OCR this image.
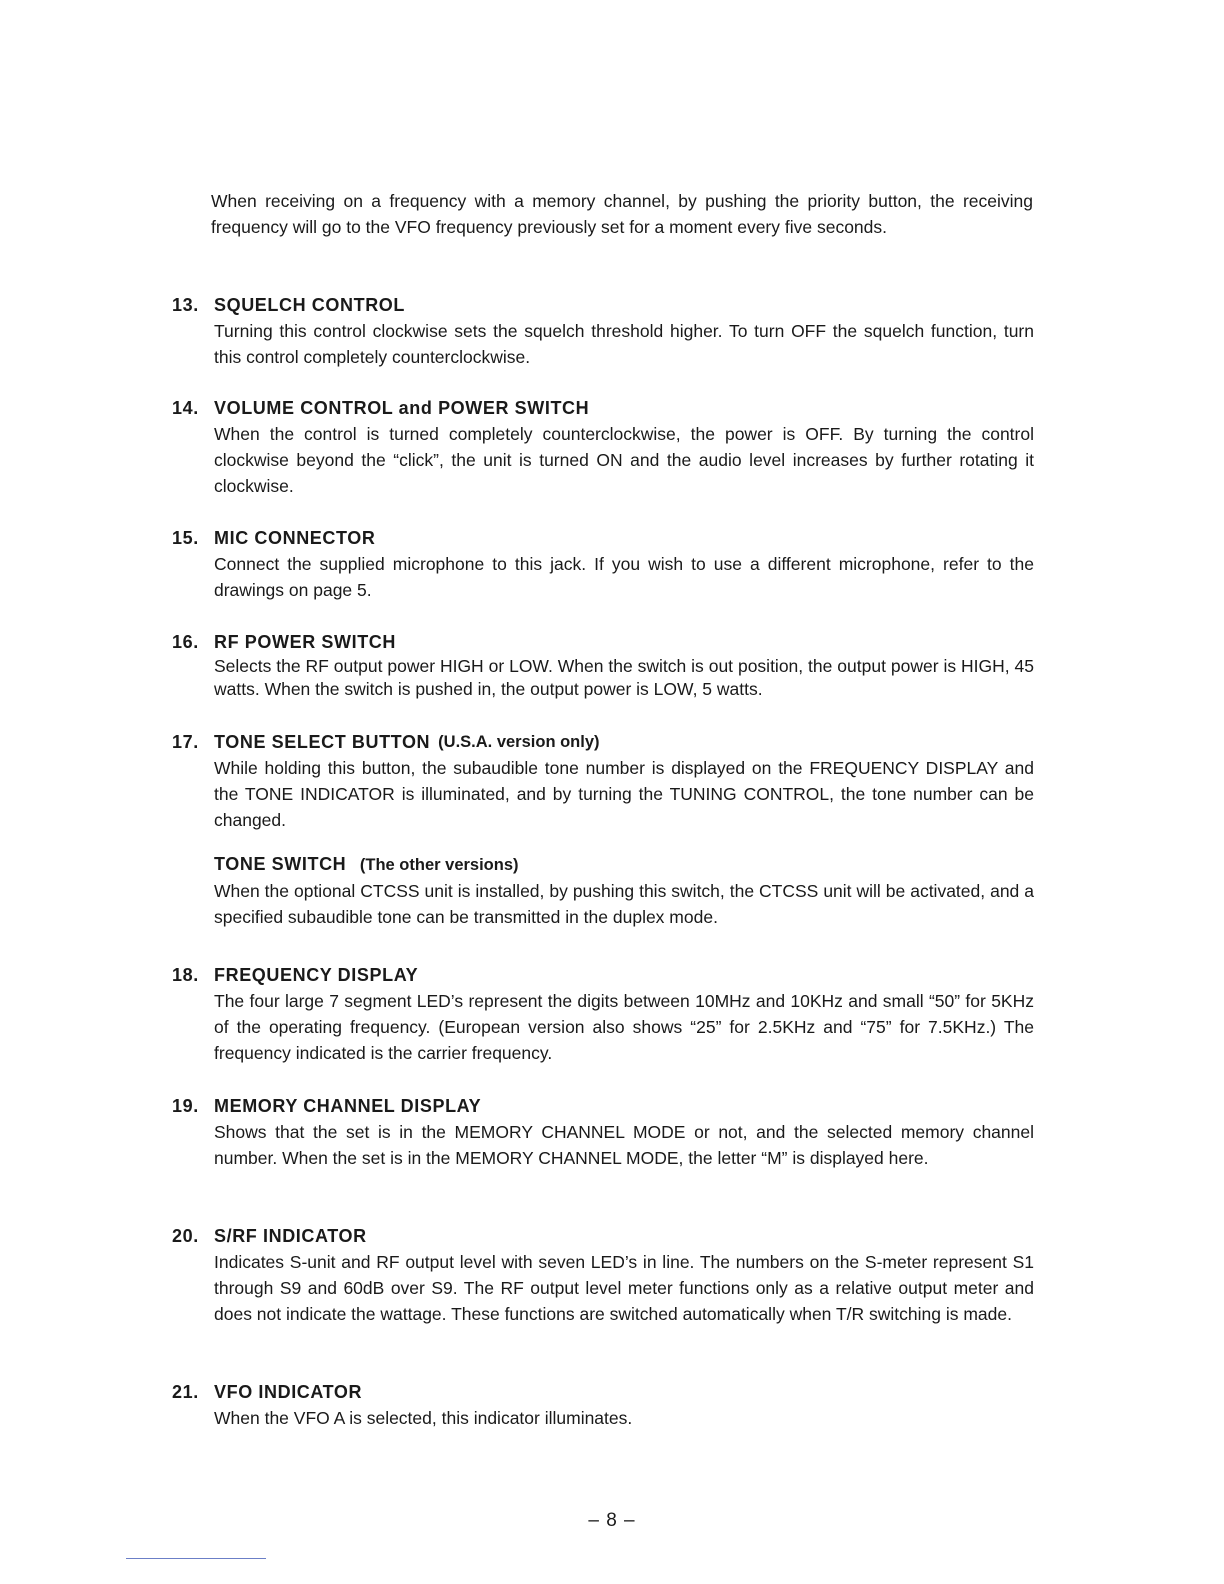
When receiving on a frequency with a memory channel, by pushing the priority button, the receiving frequency will go to the VFO frequency previously set for a moment every five seconds.

13. SQUELCH CONTROL

Turning this control clockwise sets the squelch threshold higher. To turn OFF the squelch function, turn this control completely counterclockwise.

14. VOLUME CONTROL and POWER SWITCH

When the control is turned completely counterclockwise, the power is OFF. By turning the control clockwise beyond the “click”, the unit is turned ON and the audio level increases by further rotating it clockwise.

15. MIC CONNECTOR

Connect the supplied microphone to this jack. If you wish to use a different microphone, refer to the drawings on page 5.

16. RF POWER SWITCH

Selects the RF output power HIGH or LOW. When the switch is out position, the output power is HIGH, 45 watts. When the switch is pushed in, the output power is LOW, 5 watts.

17. TONE SELECT BUTTON (U.S.A. version only)

While holding this button, the subaudible tone number is displayed on the FREQUENCY DISPLAY and the TONE INDICATOR is illuminated, and by turning the TUNING CONTROL, the tone number can be changed.

TONE SWITCH (The other versions)

When the optional CTCSS unit is installed, by pushing this switch, the CTCSS unit will be activated, and a specified subaudible tone can be transmitted in the duplex mode.

18. FREQUENCY DISPLAY

The four large 7 segment LED’s represent the digits between 10MHz and 10KHz and small “50” for 5KHz of the operating frequency. (European version also shows “25” for 2.5KHz and “75” for 7.5KHz.) The frequency indicated is the carrier frequency.

19. MEMORY CHANNEL DISPLAY

Shows that the set is in the MEMORY CHANNEL MODE or not, and the selected memory channel number. When the set is in the MEMORY CHANNEL MODE, the letter “M” is displayed here.

20. S/RF INDICATOR

Indicates S-unit and RF output level with seven LED’s in line. The numbers on the S-meter represent S1 through S9 and 60dB over S9. The RF output level meter functions only as a relative output meter and does not indicate the wattage. These functions are switched automatically when T/R switching is made.

21. VFO INDICATOR

When the VFO A is selected, this indicator illuminates.

– 8 –
